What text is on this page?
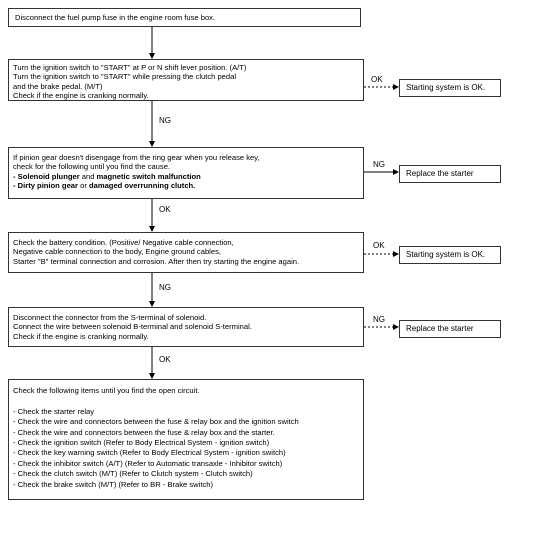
Disconnect the fuel pump fuse in the engine room fuse box.
Turn the ignition switch to "START" at P or N shift lever position. (A/T)
Turn the ignition switch to "START" while pressing the clutch pedal
and the brake pedal. (M/T)
Check if the engine is cranking normally.
If pinion gear doesn't disengage from the ring gear when you release key,
check for the following until you find the cause.
- Solenoid plunger and magnetic switch malfunction
- Dirty pinion gear or damaged overrunning clutch.
Check the battery condition. (Positive/ Negative cable connection,
Negative cable connection to the body, Engine ground cables,
Starter "B" terminal connection and corrosion. After then try starting the engine again.
Disconnect the connector from the S-terminal of solenoid.
Connect the wire between solenoid B-terminal and solenoid S-terminal.
Check if the engine is cranking normally.
Check the following items until you find the open circuit.

- Check the starter relay
- Check the wire and connectors between the fuse & relay box and the ignition switch
- Check the wire and connectors between the fuse & relay box and the starter.
- Check the ignition switch (Refer to Body Electrical System - ignition switch)
- Check the key warning switch (Refer to Body Electrical System - ignition switch)
- Check the inhibitor switch (A/T) (Refer to Automatic transaxle - Inhibitor switch)
- Check the clutch switch (M/T) (Refer to Clutch system - Clutch switch)
- Check the brake switch (M/T) (Refer to BR - Brake switch)
Starting system is OK.
Replace the starter
Starting system is OK.
Replace the starter
OK
NG
NG
OK
OK
NG
NG
OK
